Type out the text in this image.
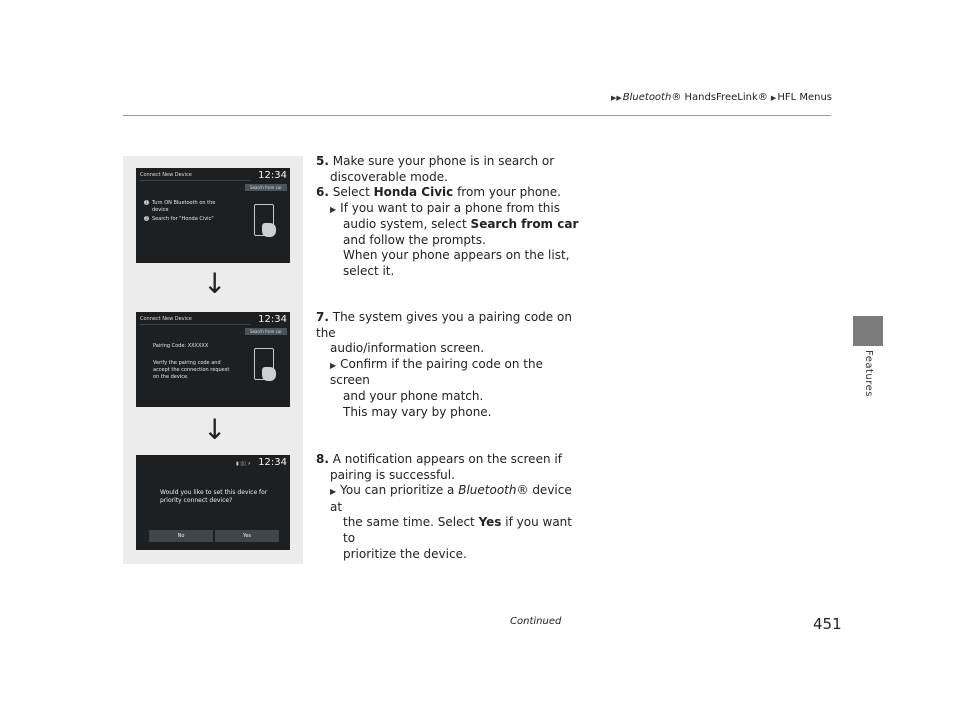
▶▶Bluetooth® HandsFreeLink® ▶HFL Menus
Features
Connect New Device	12:34
Search from car
1 Turn ON Bluetooth on the
device
2 Search for "Honda Civic"
↓
Connect New Device	12:34
Search from car
Pairing Code: XXXXXX
Verify the pairing code and
accept the connection request
on the device.
↓
▮ ▯▯ ⚡ 12:34
Would you like to set this device for
priority connect device?
No	Yes
5. Make sure your phone is in search or
discoverable mode.
6. Select Honda Civic from your phone.
▶ If you want to pair a phone from this
audio system, select Search from car
and follow the prompts.
When your phone appears on the list,
select it.
7. The system gives you a pairing code on the
audio/information screen.
▶ Confirm if the pairing code on the screen
and your phone match.
This may vary by phone.
8. A notification appears on the screen if
pairing is successful.
▶ You can prioritize a Bluetooth® device at
the same time. Select Yes if you want to
prioritize the device.
Continued	451
